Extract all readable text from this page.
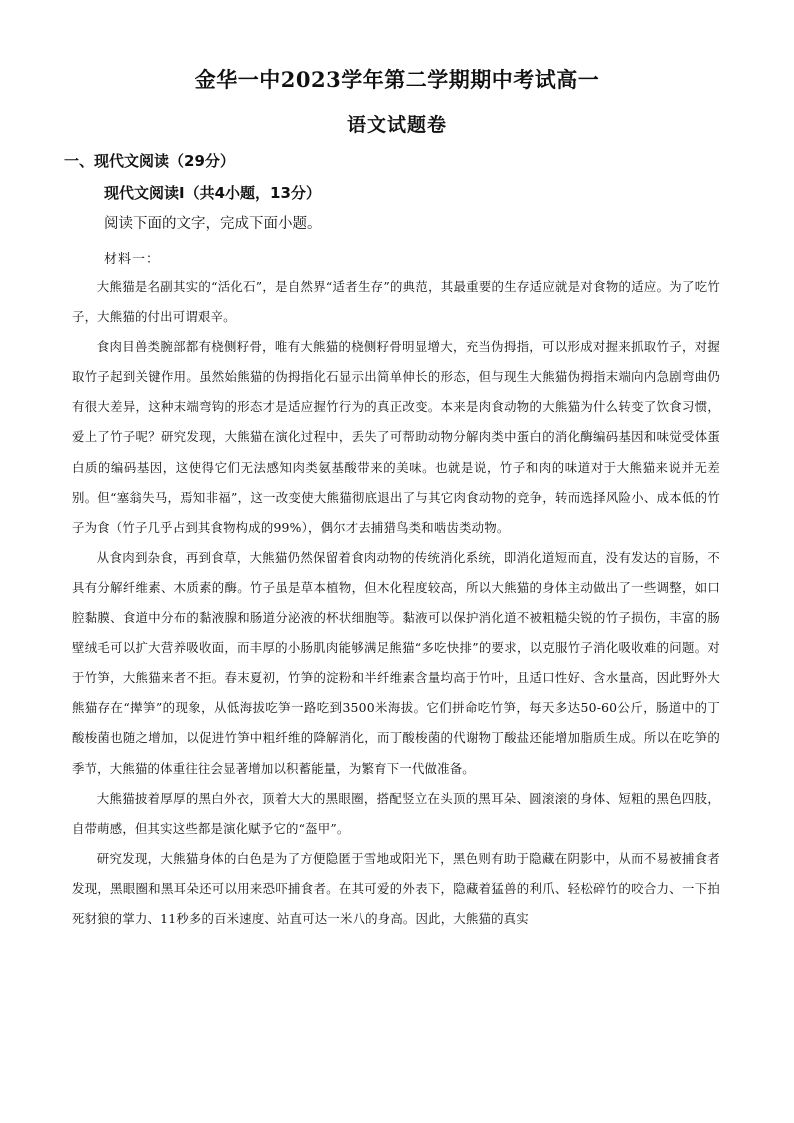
金华一中2023学年第二学期期中考试高一
语文试题卷
一、现代文阅读（29分）
现代文阅读Ⅰ（共4小题，13分）
阅读下面的文字，完成下面小题。
材料一：

大熊猫是名副其实的“活化石”，是自然界“适者生存”的典范，其最重要的生存适应就是对食物的适应。为了吃竹子，大熊猫的付出可谓艰辛。

食肉目兽类腕部都有桡侧籽骨，唯有大熊猫的桡侧籽骨明显增大，充当伪拇指，可以形成对握来抓取竹子，对握取竹子起到关键作用。虽然始熊猫的伪拇指化石显示出简单伸长的形态，但与现生大熊猫伪拇指末端向内急剧弯曲仍有很大差异，这种末端弯钩的形态才是适应握竹行为的真正改变。本来是肉食动物的大熊猫为什么转变了饮食习惯，爱上了竹子呢？研究发现，大熊猫在演化过程中，丢失了可帮助动物分解肉类中蛋白的消化酶编码基因和味觉受体蛋白质的编码基因，这使得它们无法感知肉类氨基酸带来的美味。也就是说，竹子和肉的味道对于大熊猫来说并无差别。但“塞翁失马，焉知非福”，这一改变使大熊猫彻底退出了与其它肉食动物的竞争，转而选择风险小、成本低的竹子为食（竹子几乎占到其食物构成的99%），偶尔才去捕猎鸟类和啮齿类动物。

从食肉到杂食，再到食草，大熊猫仍然保留着食肉动物的传统消化系统，即消化道短而直，没有发达的盲肠，不具有分解纤维素、木质素的酶。竹子虽是草本植物，但木化程度较高，所以大熊猫的身体主动做出了一些调整，如口腔黏膜、食道中分布的黏液腺和肠道分泌液的杯状细胞等。黏液可以保护消化道不被粗糙尖锐的竹子损伤，丰富的肠壁绒毛可以扩大营养吸收面，而丰厚的小肠肌肉能够满足熊猫“多吃快排”的要求，以克服竹子消化吸收难的问题。对于竹笋，大熊猫来者不拒。春末夏初，竹笋的淀粉和半纤维素含量均高于竹叶，且适口性好、含水量高，因此野外大熊猫存在“撵笋”的现象，从低海拔吃笋一路吃到3500米海拔。它们拼命吃竹笋，每天多达50-60公斤，肠道中的丁酸梭菌也随之增加，以促进竹笋中粗纤维的降解消化，而丁酸梭菌的代谢物丁酸盐还能增加脂质生成。所以在吃笋的季节，大熊猫的体重往往会显著增加以积蓄能量，为繁育下一代做准备。

大熊猫披着厚厚的黑白外衣，顶着大大的黑眼圈，搭配竖立在头顶的黑耳朵、圆滚滚的身体、短粗的黑色四肢，自带萌感，但其实这些都是演化赋予它的“盔甲”。

研究发现，大熊猫身体的白色是为了方便隐匿于雪地或阳光下，黑色则有助于隐藏在阴影中，从而不易被捕食者发现，黑眼圈和黑耳朵还可以用来恐吓捕食者。在其可爱的外表下，隐藏着猛兽的利爪、轻松碎竹的咬合力、一下拍死豺狼的掌力、11秒多的百米速度、站直可达一米八的身高。因此，大熊猫的真实
